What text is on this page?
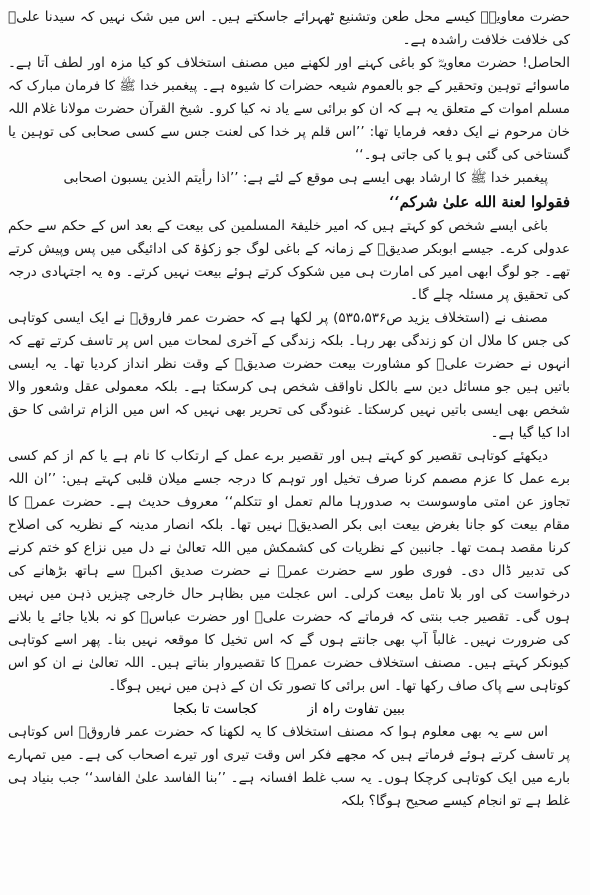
حضرت معاویہؓ کیسے محل طعن وتشنیع ٹھہرائے جاسکتے ہیں۔ اس میں شک نہیں کہ سیدنا علیؓ کی خلافت خلافت راشدہ ہے۔

الحاصل! حضرت معاویہؓ کو باغی کہنے اور لکھنے میں مصنف استخلاف کو کیا مزہ اور لطف آتا ہے۔ ماسوائے توہین وتحقیر کے جو بالعموم شیعہ حضرات کا شیوہ ہے۔ پیغمبر خدا ﷺ کا فرمان مبارک کہ مسلم اموات کے متعلق یہ ہے کہ ان کو برائی سے یاد نہ کیا کرو۔ شیخ القرآن حضرت مولانا غلام اللہ خان مرحوم نے ایک دفعہ فرمایا تھا: ’’اس قلم پر خدا کی لعنت جس سے کسی صحابی کی توہین یا گستاخی کی گئی ہو یا کی جاتی ہو۔‘‘

پیغمبر خدا ﷺ کا ارشاد بھی ایسے ہی موقع کے لئے ہے: ’’اذا رأیتم الذین یسبون اصحابی

فقولوا لعنة الله علیٰ شرکم‘‘

باغی ایسے شخص کو کہتے ہیں کہ امیر خلیفۃ المسلمین کی بیعت کے بعد اس کے حکم سے حکم عدولی کرے۔ جیسے ابوبکر صدیقؓ کے زمانہ کے باغی لوگ جو زکوٰۃ کی ادائیگی میں پس وپیش کرتے تھے۔ جو لوگ ابھی امیر کی امارت ہی میں شکوک کرتے ہوئے بیعت نہیں کرتے۔ وہ یہ اجتہادی درجہ کی تحقیق پر مسئلہ چلے گا۔

مصنف نے (استخلاف یزید ص۵۳۵،۵۳۶) پر لکھا ہے کہ حضرت عمر فاروقؓ نے ایک ایسی کوتاہی کی جس کا ملال ان کو زندگی بھر رہا۔ بلکہ زندگی کے آخری لمحات میں اس پر تاسف کرتے تھے کہ انہوں نے حضرت علیؓ کو مشاورت بیعت حضرت صدیقؓ کے وقت نظر انداز کردیا تھا۔ یہ ایسی باتیں ہیں جو مسائل دین سے بالکل ناواقف شخص ہی کرسکتا ہے۔ بلکہ معمولی عقل وشعور والا شخص بھی ایسی باتیں نہیں کرسکتا۔ غنودگی کی تحریر بھی نہیں کہ اس میں الزام تراشی کا حق ادا کیا گیا ہے۔

دیکھئے کوتاہی تقصیر کو کہتے ہیں اور تقصیر برے عمل کے ارتکاب کا نام ہے یا کم از کم کسی برے عمل کا عزم مصمم کرنا صرف تخیل اور توہم کا درجہ جسے میلان قلبی کہتے ہیں: ’’ان اللہ تجاوز عن امتی ماوسوست بہ صدورہا مالم تعمل او تتکلم‘‘ معروف حدیث ہے۔ حضرت عمرؓ کا مقام بیعت کو جانا بغرض بیعت ابی بکر الصدیقؓ نہیں تھا۔ بلکہ انصار مدینہ کے نظریہ کی اصلاح کرنا مقصد ہمت تھا۔ جانبین کے نظریات کی کشمکش میں اللہ تعالیٰ نے دل میں نزاع کو ختم کرنے کی تدبیر ڈال دی۔ فوری طور سے حضرت عمرؓ نے حضرت صدیق اکبرؓ سے ہاتھ بڑھانے کی درخواست کی اور بلا تامل بیعت کرلی۔ اس عجلت میں بظاہر حال خارجی چیزیں ذہن میں نہیں ہوں گی۔ تقصیر جب بنتی کہ فرماتے کہ حضرت علیؓ اور حضرت عباسؓ کو نہ بلایا جائے یا بلانے کی ضرورت نہیں۔ غالباً آپ بھی جانتے ہوں گے کہ اس تخیل کا موقعہ نہیں بنا۔ پھر اسے کوتاہی کیونکر کہتے ہیں۔ مصنف استخلاف حضرت عمرؓ کا تقصیروار بناتے ہیں۔ اللہ تعالیٰ نے ان کو اس کوتاہی سے پاک صاف رکھا تھا۔ اس برائی کا تصور تک ان کے ذہن میں نہیں ہوگا۔

ببین تفاوت راہ از
کجاست تا بکجا

اس سے یہ بھی معلوم ہوا کہ مصنف استخلاف کا یہ لکھنا کہ حضرت عمر فاروقؓ اس کوتاہی پر تاسف کرتے ہوئے فرماتے ہیں کہ مجھے فکر اس وقت تیری اور تیرے اصحاب کی ہے۔ میں تمہارے بارے میں ایک کوتاہی کرچکا ہوں۔ یہ سب غلط افسانہ ہے۔ ’’بنا الفاسد علیٰ الفاسد‘‘ جب بنیاد ہی غلط ہے تو انجام کیسے صحیح ہوگا؟ بلکہ
